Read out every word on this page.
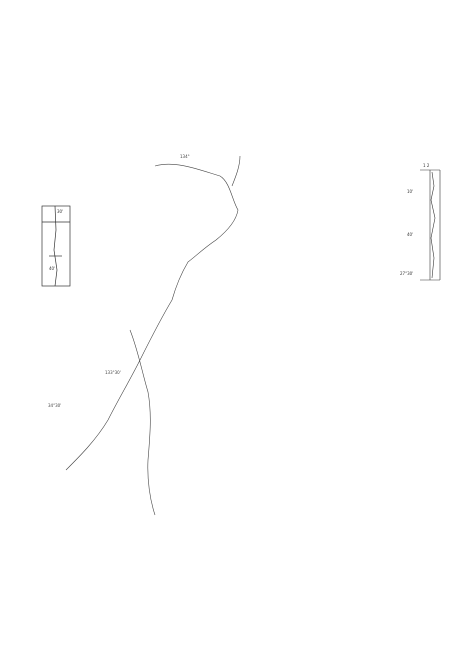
30'
40'
134°
133°30'
34°30'
1 2
10'
40'
27°30'
